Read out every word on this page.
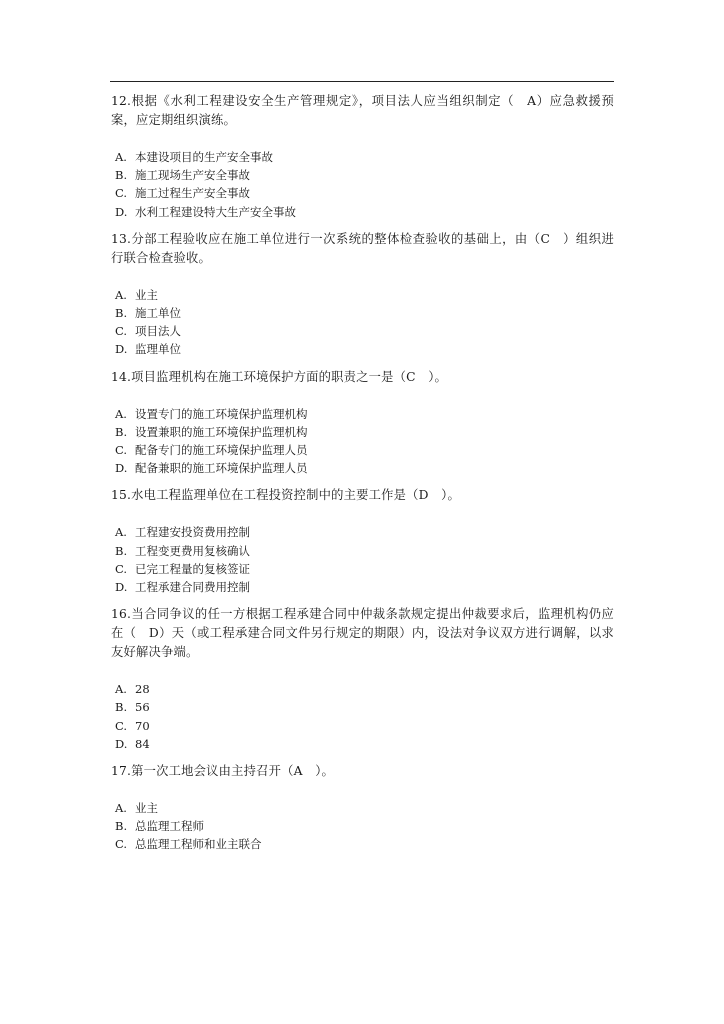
12.根据《水利工程建设安全生产管理规定》，项目法人应当组织制定（　A）应急救援预案，应定期组织演练。

A. 本建设项目的生产安全事故
B. 施工现场生产安全事故
C. 施工过程生产安全事故
D. 水利工程建设特大生产安全事故

13.分部工程验收应在施工单位进行一次系统的整体检查验收的基础上，由（C　）组织进行联合检查验收。

A. 业主
B. 施工单位
C. 项目法人
D. 监理单位

14.项目监理机构在施工环境保护方面的职责之一是（C　）。

A. 设置专门的施工环境保护监理机构
B. 设置兼职的施工环境保护监理机构
C. 配备专门的施工环境保护监理人员
D. 配备兼职的施工环境保护监理人员

15.水电工程监理单位在工程投资控制中的主要工作是（D　）。

A. 工程建安投资费用控制
B. 工程变更费用复核确认
C. 已完工程量的复核签证
D. 工程承建合同费用控制

16.当合同争议的任一方根据工程承建合同中仲裁条款规定提出仲裁要求后，监理机构仍应在（　D）天（或工程承建合同文件另行规定的期限）内，设法对争议双方进行调解，以求友好解决争端。

A. 28
B. 56
C. 70
D. 84

17.第一次工地会议由主持召开（A　）。

A. 业主
B. 总监理工程师
C. 总监理工程师和业主联合
